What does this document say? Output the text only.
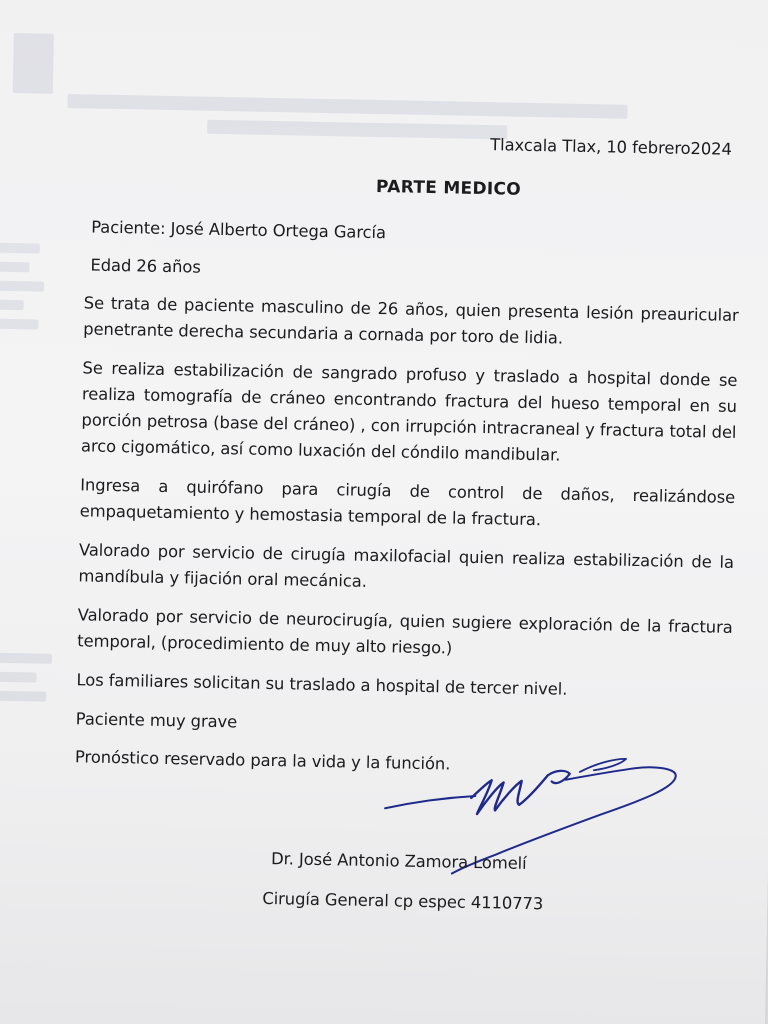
Tlaxcala Tlax, 10 febrero2024

PARTE MEDICO

Paciente: José Alberto Ortega García

Edad 26 años

Se trata de paciente masculino de 26 años, quien presenta lesión preauricular penetrante derecha secundaria a cornada por toro de lidia.

Se realiza estabilización de sangrado profuso y traslado a hospital donde se realiza tomografía de cráneo encontrando fractura del hueso temporal en su porción petrosa (base del cráneo) , con irrupción intracraneal y fractura total del arco cigomático, así como luxación del cóndilo mandibular.

Ingresa a quirófano para cirugía de control de daños, realizándose empaquetamiento y hemostasia temporal de la fractura.

Valorado por servicio de cirugía maxilofacial quien realiza estabilización de la mandíbula y fijación oral mecánica.

Valorado por servicio de neurocirugía, quien sugiere exploración de la fractura temporal, (procedimiento de muy alto riesgo.)

Los familiares solicitan su traslado a hospital de tercer nivel.

Paciente muy grave

Pronóstico reservado para la vida y la función.

Dr. José Antonio Zamora Lomelí
Cirugía General cp espec 4110773
